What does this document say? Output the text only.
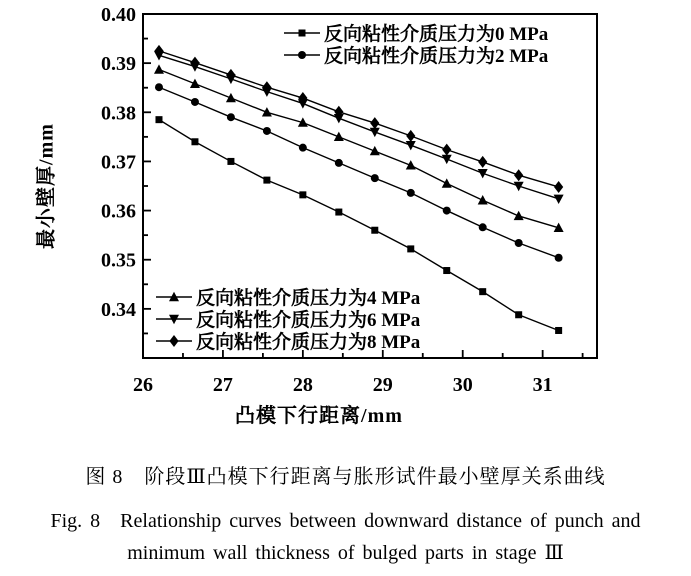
26	27	28	29	30	31
0.34
0.35
0.36
0.37
0.38
0.39
0.40
反向粘性介质压力为0 MPa
反向粘性介质压力为2 MPa
反向粘性介质压力为4 MPa
反向粘性介质压力为6 MPa
反向粘性介质压力为8 MPa
最小壁厚/mm
凸模下行距离/mm
图 8　阶段Ⅲ凸模下行距离与胀形试件最小壁厚关系曲线
Fig. 8　Relationship curves between downward distance of punch and
minimum wall thickness of bulged parts in stage Ⅲ
